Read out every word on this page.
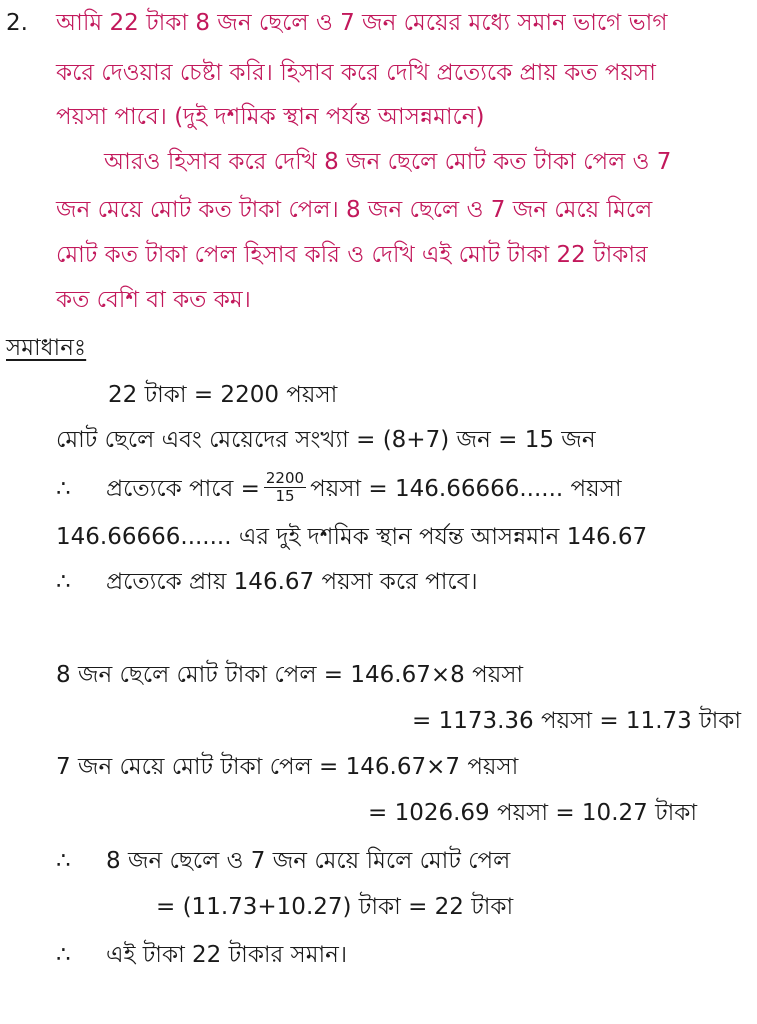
2. আমি 22 টাকা 8 জন ছেলে ও 7 জন মেয়ের মধ্যে সমান ভাগে ভাগ
করে দেওয়ার চেষ্টা করি। হিসাব করে দেখি প্রত্যেকে প্রায় কত পয়সা
পয়সা পাবে। (দুই দশমিক স্থান পর্যন্ত আসন্নমানে)
আরও হিসাব করে দেখি 8 জন ছেলে মোট কত টাকা পেল ও 7
জন মেয়ে মোট কত টাকা পেল। 8 জন ছেলে ও 7 জন মেয়ে মিলে
মোট কত টাকা পেল হিসাব করি ও দেখি এই মোট টাকা 22 টাকার
কত বেশি বা কত কম।
সমাধানঃ
22 টাকা = 2200 পয়সা
মোট ছেলে এবং মেয়েদের সংখ্যা = (8+7) জন = 15 জন
∴ প্রত্যেকে পাবে = $\frac{2200}{15}$ পয়সা = 146.66666...... পয়সা
146.66666....... এর দুই দশমিক স্থান পর্যন্ত আসন্নমান 146.67
∴ প্রত্যেকে প্রায় 146.67 পয়সা করে পাবে।
8 জন ছেলে মোট টাকা পেল = 146.67×8 পয়সা
= 1173.36 পয়সা = 11.73 টাকা
7 জন মেয়ে মোট টাকা পেল = 146.67×7 পয়সা
= 1026.69 পয়সা = 10.27 টাকা
∴ 8 জন ছেলে ও 7 জন মেয়ে মিলে মোট পেল
= (11.73+10.27) টাকা = 22 টাকা
∴ এই টাকা 22 টাকার সমান।
